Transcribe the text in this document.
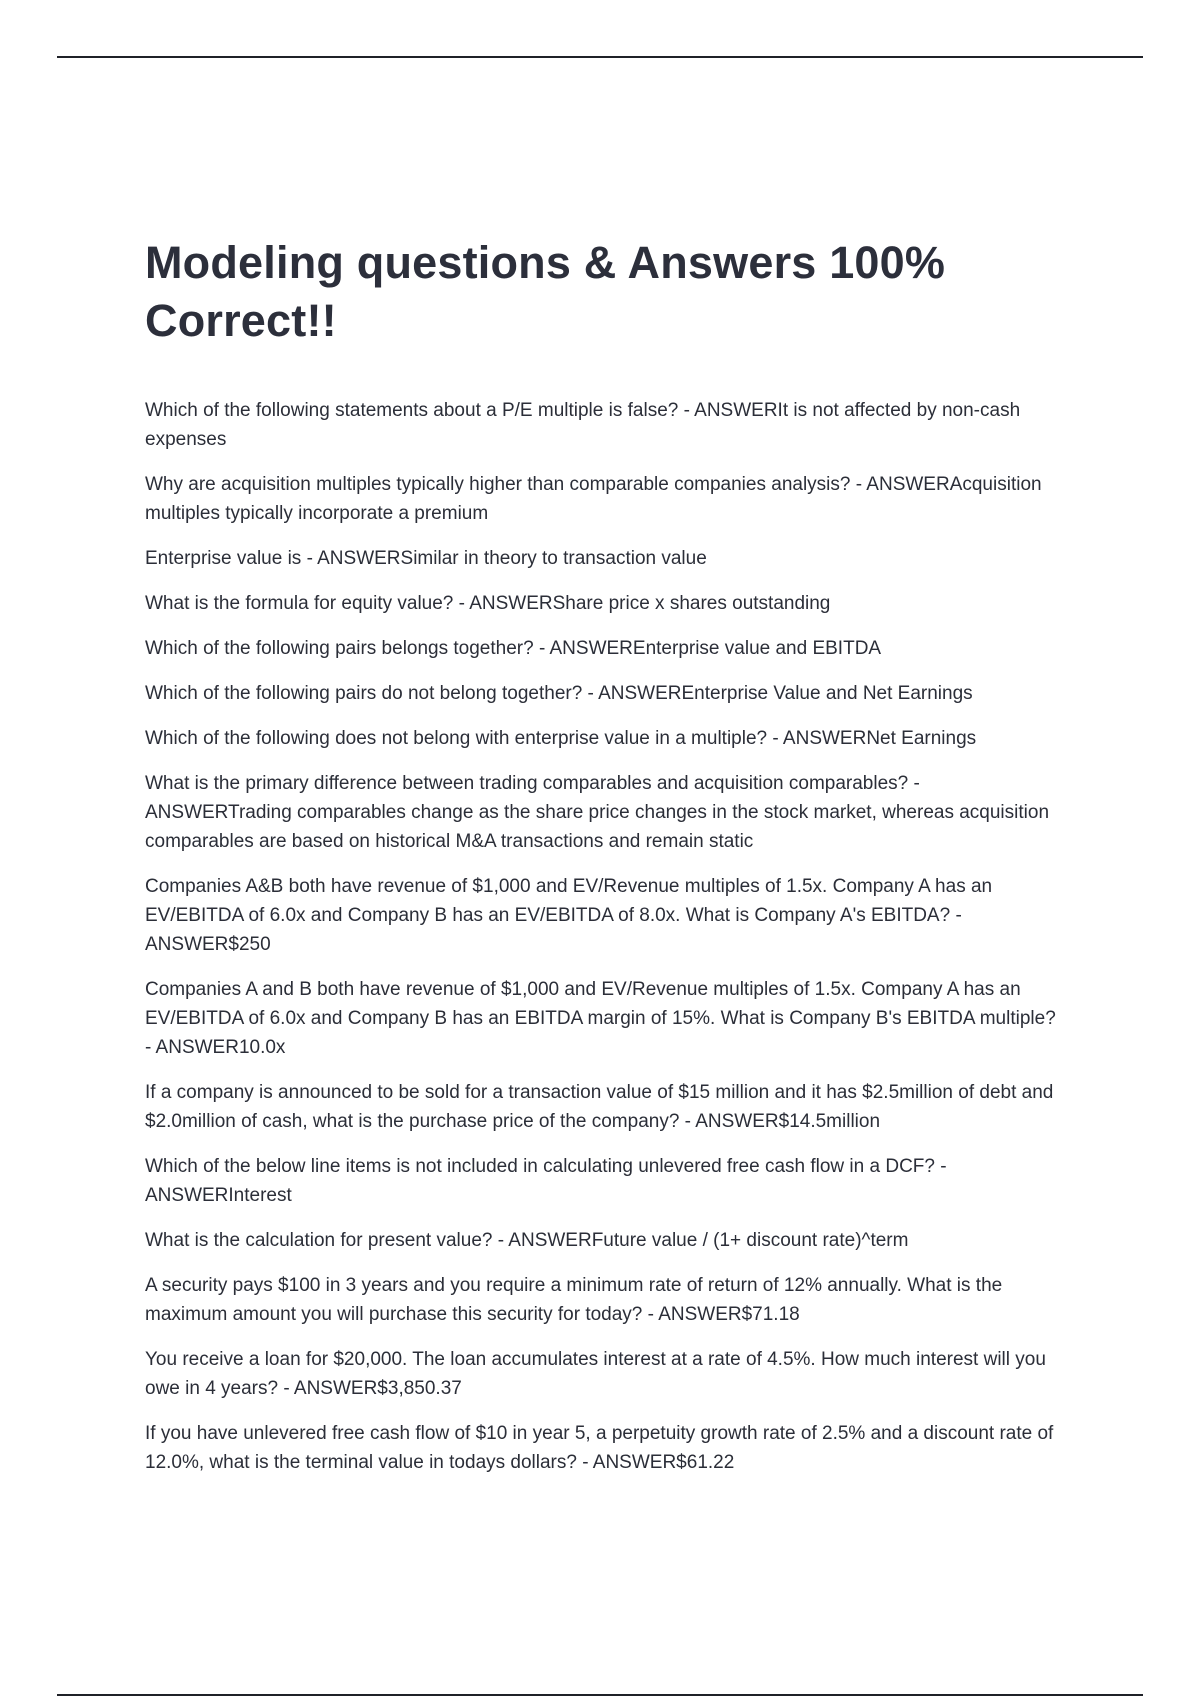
Modeling questions & Answers 100% Correct!!
Which of the following statements about a P/E multiple is false? - ANSWERIt is not affected by non-cash expenses
Why are acquisition multiples typically higher than comparable companies analysis? - ANSWERAcquisition multiples typically incorporate a premium
Enterprise value is - ANSWERSimilar in theory to transaction value
What is the formula for equity value? - ANSWERShare price x shares outstanding
Which of the following pairs belongs together? - ANSWEREnterprise value and EBITDA
Which of the following pairs do not belong together? - ANSWEREnterprise Value and Net Earnings
Which of the following does not belong with enterprise value in a multiple? - ANSWERNet Earnings
What is the primary difference between trading comparables and acquisition comparables? - ANSWERTrading comparables change as the share price changes in the stock market, whereas acquisition comparables are based on historical M&A transactions and remain static
Companies A&B both have revenue of $1,000 and EV/Revenue multiples of 1.5x. Company A has an EV/EBITDA of 6.0x and Company B has an EV/EBITDA of 8.0x. What is Company A's EBITDA? - ANSWER$250
Companies A and B both have revenue of $1,000 and EV/Revenue multiples of 1.5x. Company A has an EV/EBITDA of 6.0x and Company B has an EBITDA margin of 15%. What is Company B's EBITDA multiple? - ANSWER10.0x
If a company is announced to be sold for a transaction value of $15 million and it has $2.5million of debt and $2.0million of cash, what is the purchase price of the company? - ANSWER$14.5million
Which of the below line items is not included in calculating unlevered free cash flow in a DCF? - ANSWERInterest
What is the calculation for present value? - ANSWERFuture value / (1+ discount rate)^term
A security pays $100 in 3 years and you require a minimum rate of return of 12% annually. What is the maximum amount you will purchase this security for today? - ANSWER$71.18
You receive a loan for $20,000. The loan accumulates interest at a rate of 4.5%. How much interest will you owe in 4 years? - ANSWER$3,850.37
If you have unlevered free cash flow of $10 in year 5, a perpetuity growth rate of 2.5% and a discount rate of 12.0%, what is the terminal value in todays dollars? - ANSWER$61.22
